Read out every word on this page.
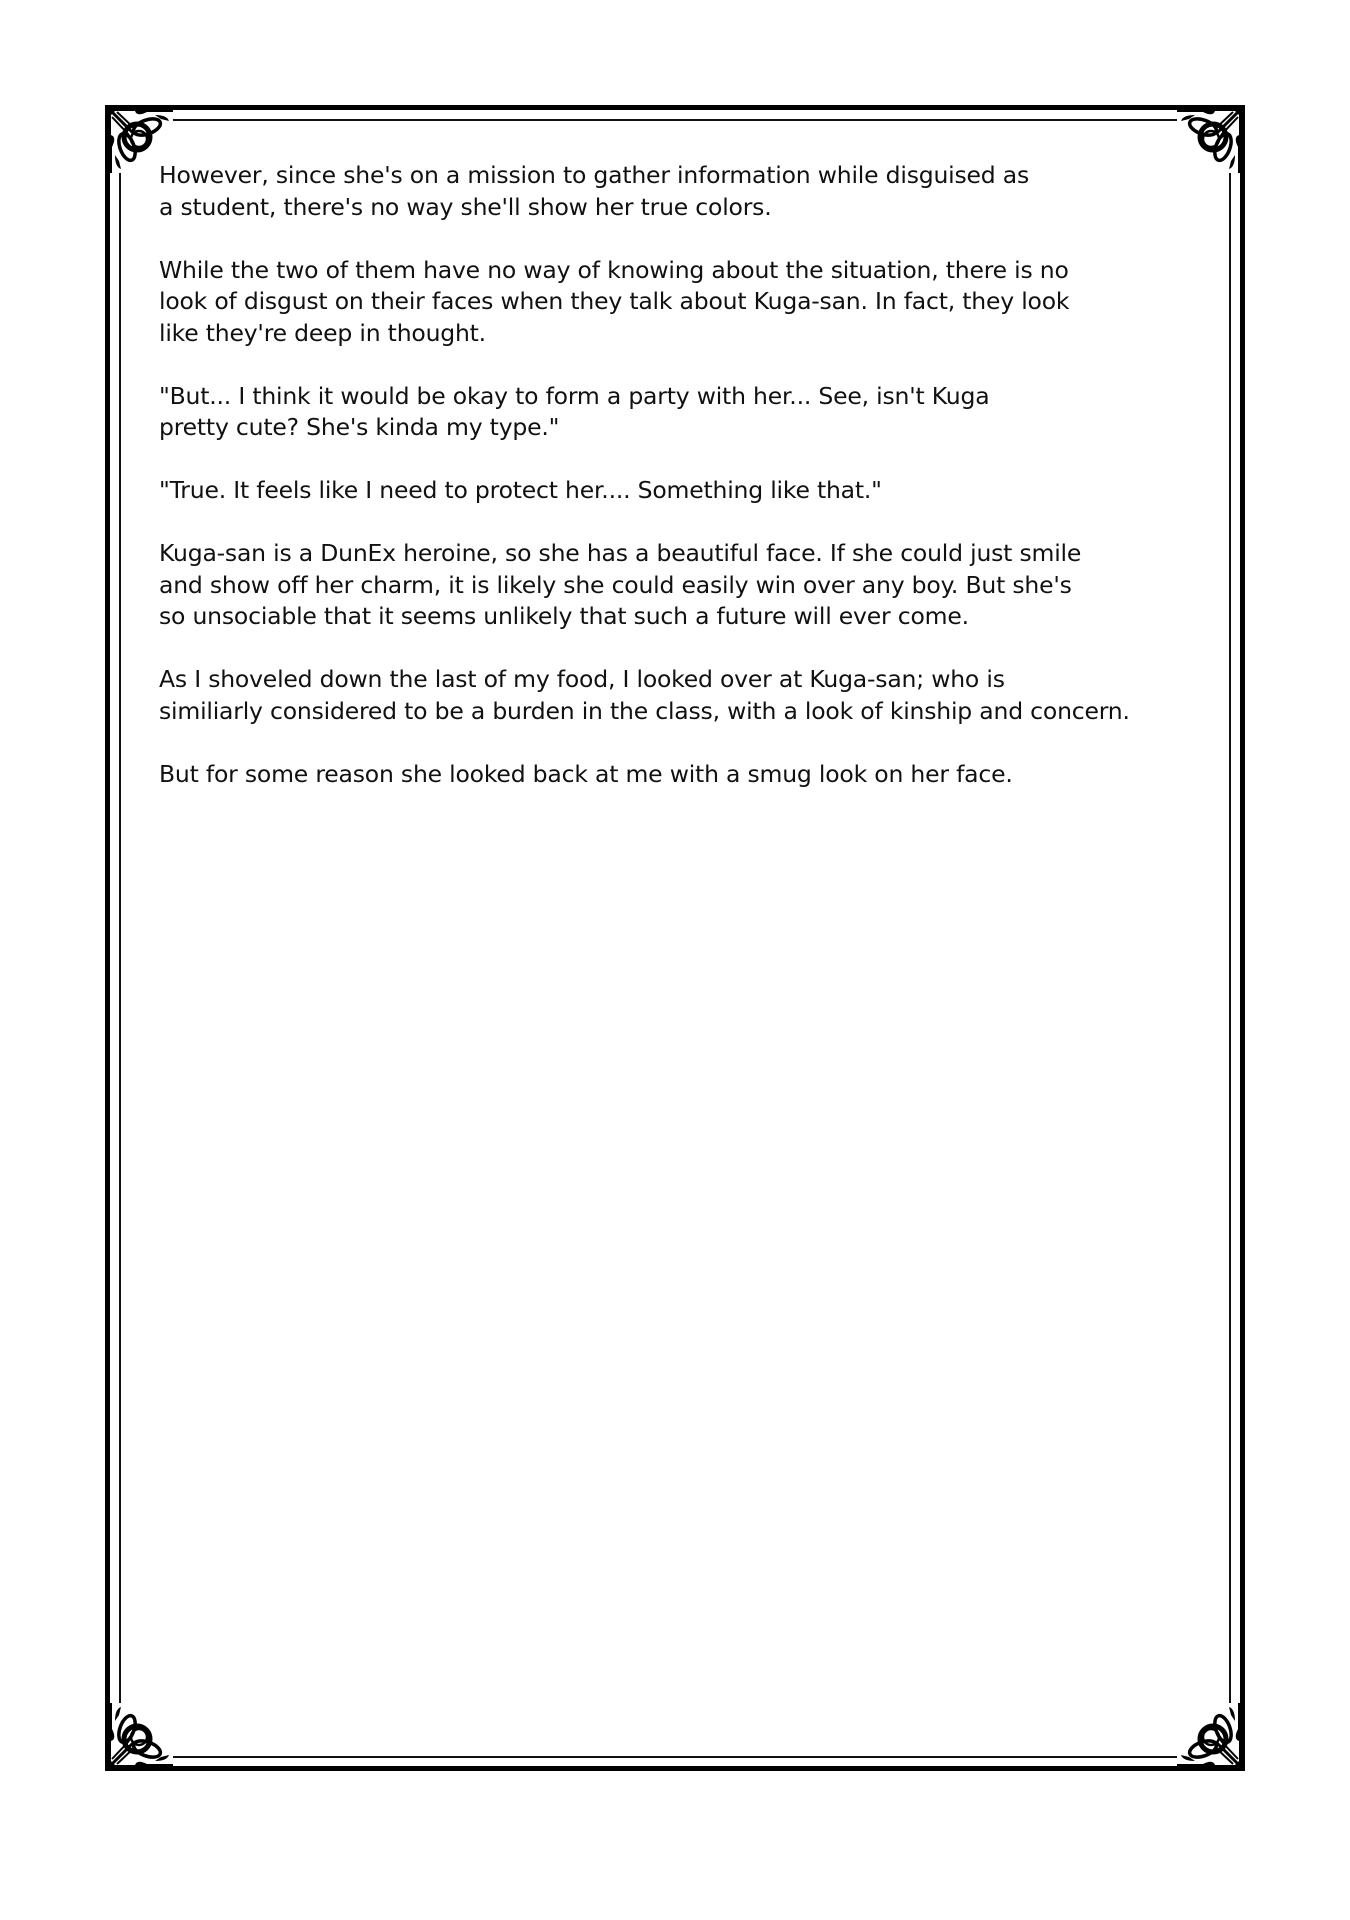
However, since she's on a mission to gather information while disguised as
a student, there's no way she'll show her true colors.

While the two of them have no way of knowing about the situation, there is no
look of disgust on their faces when they talk about Kuga-san. In fact, they look
like they're deep in thought.

"But... I think it would be okay to form a party with her... See, isn't Kuga
pretty cute? She's kinda my type."

"True. It feels like I need to protect her.... Something like that."

Kuga-san is a DunEx heroine, so she has a beautiful face. If she could just smile
and show off her charm, it is likely she could easily win over any boy. But she's
so unsociable that it seems unlikely that such a future will ever come.

As I shoveled down the last of my food, I looked over at Kuga-san; who is
similiarly considered to be a burden in the class, with a look of kinship and concern.

But for some reason she looked back at me with a smug look on her face.
